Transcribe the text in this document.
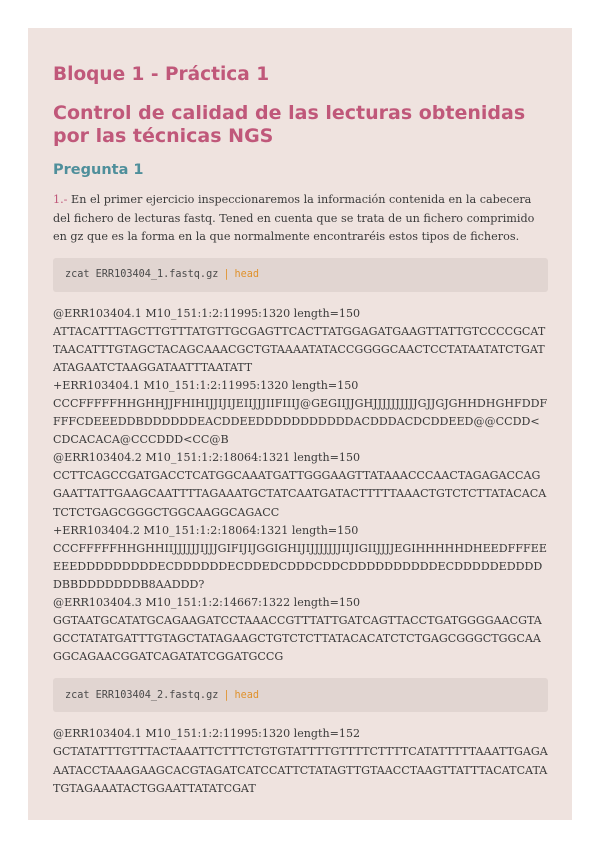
Bloque 1 - Práctica 1
Control de calidad de las lecturas obtenidas por las técnicas NGS
Pregunta 1

1.- En el primer ejercicio inspeccionaremos la información contenida en la cabecera del fichero de lecturas fastq. Tened en cuenta que se trata de un fichero comprimido en gz que es la forma en la que normalmente encontraréis estos tipos de ficheros.

zcat ERR103404_1.fastq.gz | head
@ERR103404.1 M10_151:1:2:11995:1320 length=150
ATTACATTTAGCTTGTTTATGTTGCGAGTTCACTTATGGAGATGAAGTTATTGTCCCCGCATTAACATTTGTAGCTACAGCAAACGCTGTAAAATATACCGGGGCAACTCCTATAATATCTGATATAGAATCTAAGGATAATTTAATATT
+ERR103404.1 M10_151:1:2:11995:1320 length=150
CCCFFFFFHHGHHJJFHIHIJJIJIJEIIJJJIIFIIIJ@GEGIIJJGHJJJJJJJJJJGJJGJGHHDHGHFDDFFFFCDEEEDDBDDDDDDEACDDEEDDDDDDDDDDDACDDDACDCDDEED@@CCDD<CDCACACA@CCCDDD<CC@B
@ERR103404.2 M10_151:1:2:18064:1321 length=150
CCTTCAGCCGATGACCTCATGGCAAATGATTGGGAAGTTATAAACCCAACTAGAGACCAGGAATTATTGAAGCAATTTTAGAAATGCTATCAATGATACTTTTTAAACTGTCTCTTATACACATCTCTGAGCGGGCTGGCAAGGCAGACC
+ERR103404.2 M10_151:1:2:18064:1321 length=150
CCCFFFFFHHGHHIIJJJJJJIJJJGIFIJIJGGIGHIJIJJJJJJJIIJIGIIJJJJEGIHHHHHDHEEDFFFEEEEEDDDDDDDDDECDDDDDDECDDEDCDDDCDDCDDDDDDDDDDECDDDDDEDDDDDBBDDDDDDDB8AADDD?
@ERR103404.3 M10_151:1:2:14667:1322 length=150
GGTAATGCATATGCAGAAGATCCTAAACCGTTTATTGATCAGTTACCTGATGGGGAACGTAGCCTATATGATTTGTAGCTATAGAAGCTGTCTCTTATACACATCTCTGAGCGGGCTGGCAAGGCAGAACGGATCAGATATCGGATGCCG
zcat ERR103404_2.fastq.gz | head
@ERR103404.1 M10_151:1:2:11995:1320 length=152
GCTATATTTGTTTACTAAATTCTTTCTGTGTATTTTGTTTTCTTTTCATATTTTTAAATTGAGAAATACCTAAAGAAGCACGTAGATCATCCATTCTATAGTTGTAACCTAAGTTATTTACATCATATGTAGAAATACTGGAATTATATCGAT
